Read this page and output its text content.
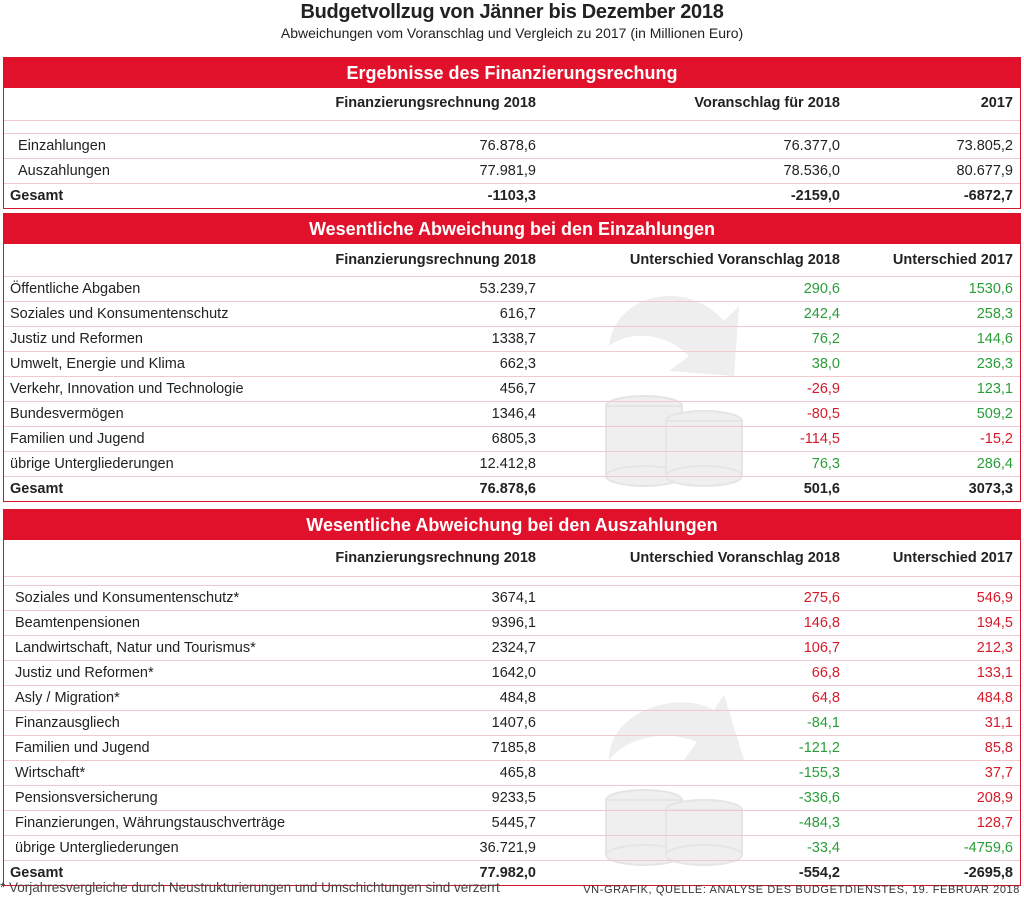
Budgetvollzug von Jänner bis Dezember 2018
Abweichungen vom Voranschlag und Vergleich zu 2017 (in Millionen Euro)
Ergebnisse des Finanzierungsrechung
Finanzierungsrechnung 2018	Voranschlag für 2018	2017
Einzahlungen	76.878,6	76.377,0	73.805,2
Auszahlungen	77.981,9	78.536,0	80.677,9
Gesamt	-1103,3	-2159,0	-6872,7
Wesentliche Abweichung bei den Einzahlungen
Finanzierungsrechnung 2018	Unterschied Voranschlag 2018	Unterschied 2017
Öffentliche Abgaben	53.239,7	290,6	1530,6
Soziales und Konsumentenschutz	616,7	242,4	258,3
Justiz und Reformen	1338,7	76,2	144,6
Umwelt, Energie und Klima	662,3	38,0	236,3
Verkehr, Innovation und Technologie	456,7	-26,9	123,1
Bundesvermögen	1346,4	-80,5	509,2
Familien und Jugend	6805,3	-114,5	-15,2
übrige Untergliederungen	12.412,8	76,3	286,4
Gesamt	76.878,6	501,6	3073,3
Wesentliche Abweichung bei den Auszahlungen
Finanzierungsrechnung 2018	Unterschied Voranschlag 2018	Unterschied 2017
Soziales und Konsumentenschutz*	3674,1	275,6	546,9
Beamtenpensionen	9396,1	146,8	194,5
Landwirtschaft, Natur und Tourismus*	2324,7	106,7	212,3
Justiz und Reformen*	1642,0	66,8	133,1
Asly / Migration*	484,8	64,8	484,8
Finanzausgliech	1407,6	-84,1	31,1
Familien und Jugend	7185,8	-121,2	85,8
Wirtschaft*	465,8	-155,3	37,7
Pensionsversicherung	9233,5	-336,6	208,9
Finanzierungen, Währungstauschverträge	5445,7	-484,3	128,7
übrige Untergliederungen	36.721,9	-33,4	-4759,6
Gesamt	77.982,0	-554,2	-2695,8
* Vorjahresvergleiche durch Neustrukturierungen und Umschichtungen sind verzerrt	VN-GRAFIK, QUELLE: ANALYSE DES BUDGETDIENSTES, 19. FEBRUAR 2018
